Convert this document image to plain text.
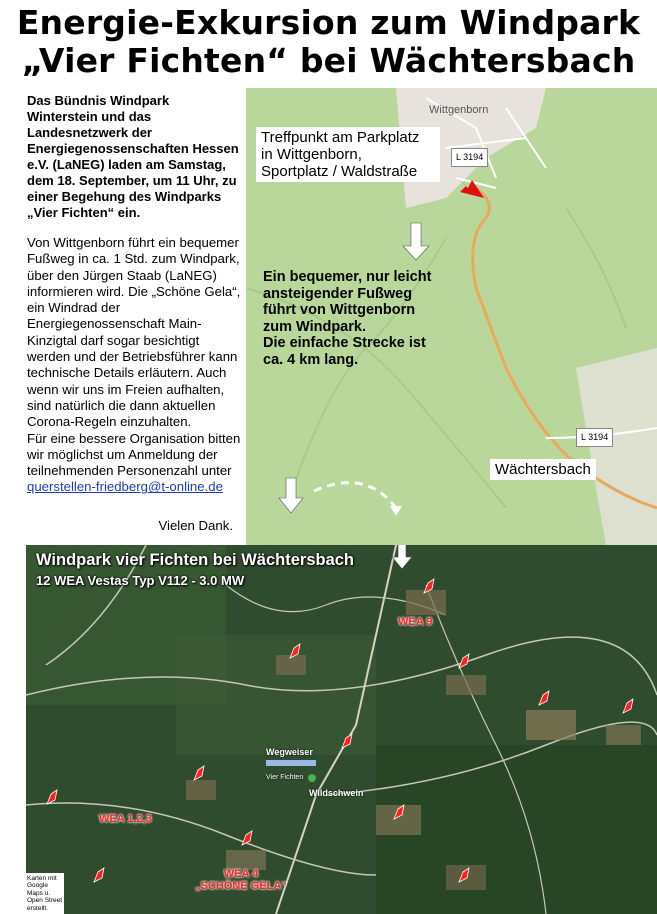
Energie-Exkursion zum Windpark
„Vier Fichten“ bei Wächtersbach
Das Bündnis Windpark Winterstein und das Landesnetzwerk der Energiegenossenschaften Hessen e.V. (LaNEG) laden am Samstag, dem 18. September, um 11 Uhr, zu einer Begehung des Windparks „Vier Fichten“ ein.

Von Wittgenborn führt ein bequemer Fußweg in ca. 1 Std. zum Windpark, über den Jürgen Staab (LaNEG) informieren wird. Die „Schöne Gela“, ein Windrad der Energiegenossenschaft Main-Kinzigtal darf sogar besichtigt werden und der Betriebsführer kann technische Details erläutern. Auch wenn wir uns im Freien aufhalten, sind natürlich die dann aktuellen Corona-Regeln einzuhalten.

Für eine bessere Organisation bitten wir möglichst um Anmeldung der teilnehmenden Personenzahl unter
querstellen-friedberg@t-online.de

Vielen Dank.
Wittgenborn
L 3194
L 3194
Treffpunkt am Parkplatz
in Wittgenborn,
Sportplatz / Waldstraße
Ein bequemer, nur leicht
ansteigender Fußweg
führt von Wittgenborn
zum Windpark.
Die einfache Strecke ist
ca. 4 km lang.
Wächtersbach
Windpark vier Fichten bei Wächtersbach
12 WEA Vestas Typ V112 - 3.0 MW
WEA 9
WEA 1,2,3
WEA 4
„SCHÖNE GELA“
Wegweiser
Vier Fichten
Wildschwein
Karten mit Google Maps u. Open Street erstellt.
